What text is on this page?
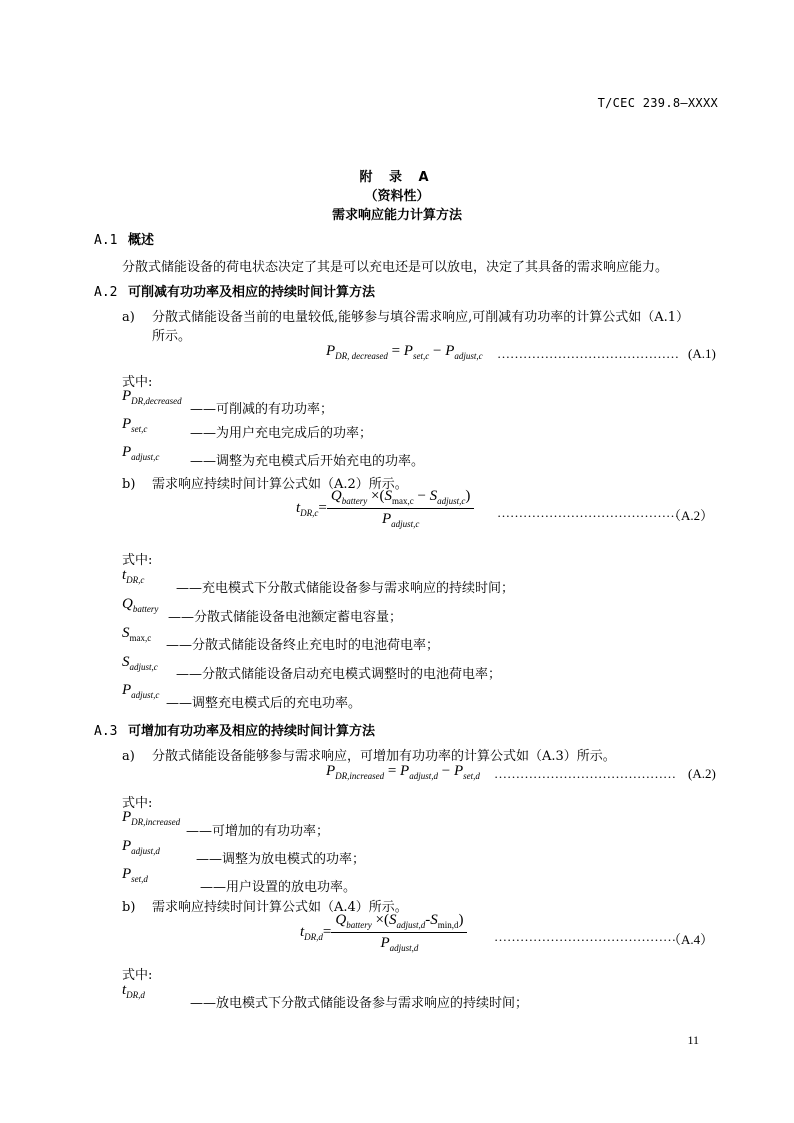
T/CEC 239.8—XXXX
附 录 A
（资料性）
需求响应能力计算方法
A.1 概述
分散式储能设备的荷电状态决定了其是可以充电还是可以放电，决定了其具备的需求响应能力。
A.2 可削减有功功率及相应的持续时间计算方法
a) 分散式储能设备当前的电量较低,能够参与填谷需求响应,可削减有功功率的计算公式如（A.1）
所示。
$P_{DR, decreased} = P_{set,c} - P_{adjust,c}$ …………………………………… (A.1)
式中:
$P_{DR,decreased}$
——可削减的有功功率；
$P_{set,c}$	——为用户充电完成后的功率；
$P_{adjust,c}$ ——调整为充电模式后开始充电的功率。
b) 需求响应持续时间计算公式如（A.2）所示。
$t_{DR,c}= \frac{Q_{battery} \times(S_{max,c} - S_{adjust,c})}{P_{adjust,c}}$ ……………………………………
（A.2）
式中:
$t_{DR,c}$
——充电模式下分散式储能设备参与需求响应的持续时间；
$Q_{battery}$
——分散式储能设备电池额定蓄电容量；
$S_{max,c}$ ——分散式储能设备终止充电时的电池荷电率；
$S_{adjust,c}$ ——分散式储能设备启动充电模式调整时的电池荷电率；
$P_{adjust,c}$
——调整充电模式后的充电功率。
A.3 可增加有功功率及相应的持续时间计算方法
a) 分散式储能设备能够参与需求响应，可增加有功功率的计算公式如（A.3）所示。
$P_{DR,increased} = P_{adjust,d} - P_{set,d}$ …………………………………… (A.2)
式中:
$P_{DR,increased}$
——可增加的有功功率；
$P_{adjust,d}$
——调整为放电模式的功率；
$P_{set,d}$
——用户设置的放电功率。
b) 需求响应持续时间计算公式如（A.4）所示。
$t_{DR,d}= \frac{Q_{battery} \times(S_{adjust,d}-S_{min,d})}{P_{adjust,d}}$ ……………………………………
（A.4）
式中:
$t_{DR,d}$
——放电模式下分散式储能设备参与需求响应的持续时间；
11
